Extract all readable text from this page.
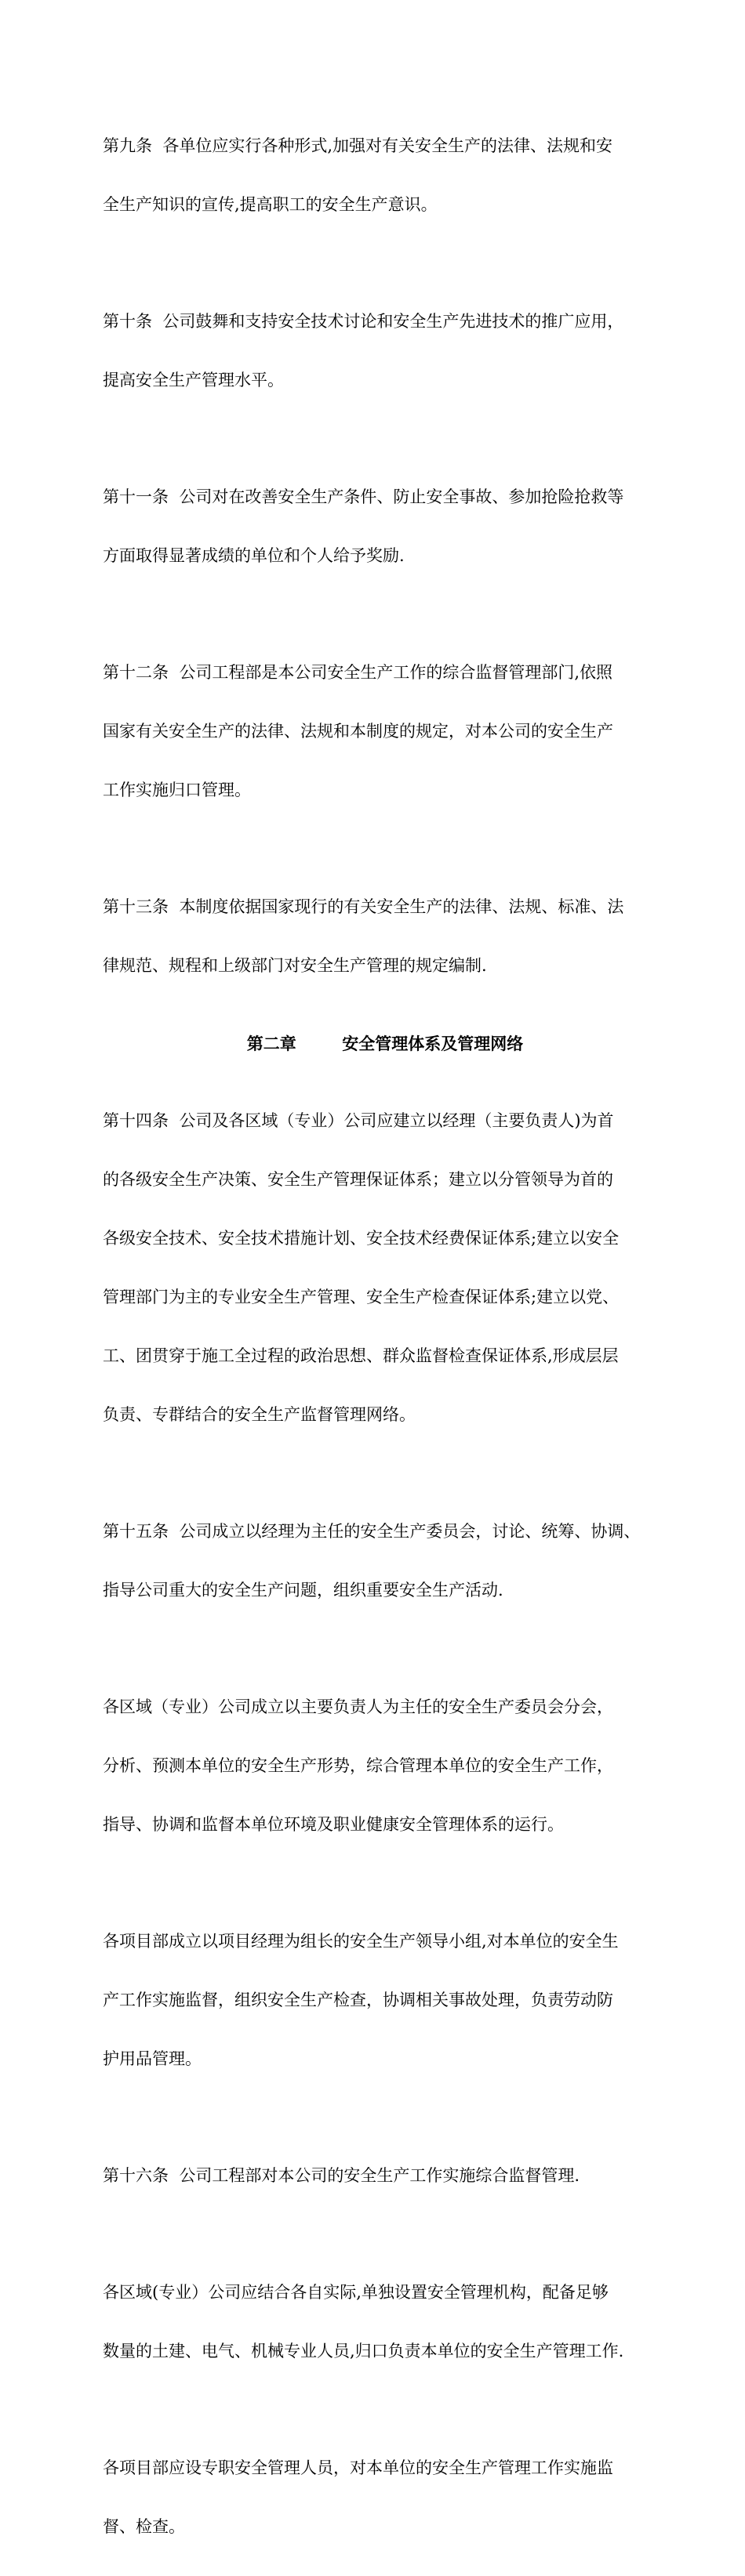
第九条  各单位应实行各种形式,加强对有关安全生产的法律、法规和安

全生产知识的宣传,提高职工的安全生产意识。

第十条  公司鼓舞和支持安全技术讨论和安全生产先进技术的推广应用，

提高安全生产管理水平。

第十一条  公司对在改善安全生产条件、防止安全事故、参加抢险抢救等

方面取得显著成绩的单位和个人给予奖励.

第十二条  公司工程部是本公司安全生产工作的综合监督管理部门,依照

国家有关安全生产的法律、法规和本制度的规定，对本公司的安全生产

工作实施归口管理。

第十三条  本制度依据国家现行的有关安全生产的法律、法规、标准、法

律规范、规程和上级部门对安全生产管理的规定编制.

第二章        安全管理体系及管理网络

第十四条  公司及各区域（专业）公司应建立以经理（主要负责人)为首

的各级安全生产决策、安全生产管理保证体系；建立以分管领导为首的

各级安全技术、安全技术措施计划、安全技术经费保证体系;建立以安全

管理部门为主的专业安全生产管理、安全生产检查保证体系;建立以党、

工、团贯穿于施工全过程的政治思想、群众监督检查保证体系,形成层层

负责、专群结合的安全生产监督管理网络。

第十五条  公司成立以经理为主任的安全生产委员会，讨论、统筹、协调、

指导公司重大的安全生产问题，组织重要安全生产活动.

各区域（专业）公司成立以主要负责人为主任的安全生产委员会分会，

分析、预测本单位的安全生产形势，综合管理本单位的安全生产工作，

指导、协调和监督本单位环境及职业健康安全管理体系的运行。

各项目部成立以项目经理为组长的安全生产领导小组,对本单位的安全生

产工作实施监督，组织安全生产检查，协调相关事故处理，负责劳动防

护用品管理。

第十六条  公司工程部对本公司的安全生产工作实施综合监督管理.

各区域(专业）公司应结合各自实际,单独设置安全管理机构，配备足够

数量的土建、电气、机械专业人员,归口负责本单位的安全生产管理工作.

各项目部应设专职安全管理人员，对本单位的安全生产管理工作实施监

督、检查。
